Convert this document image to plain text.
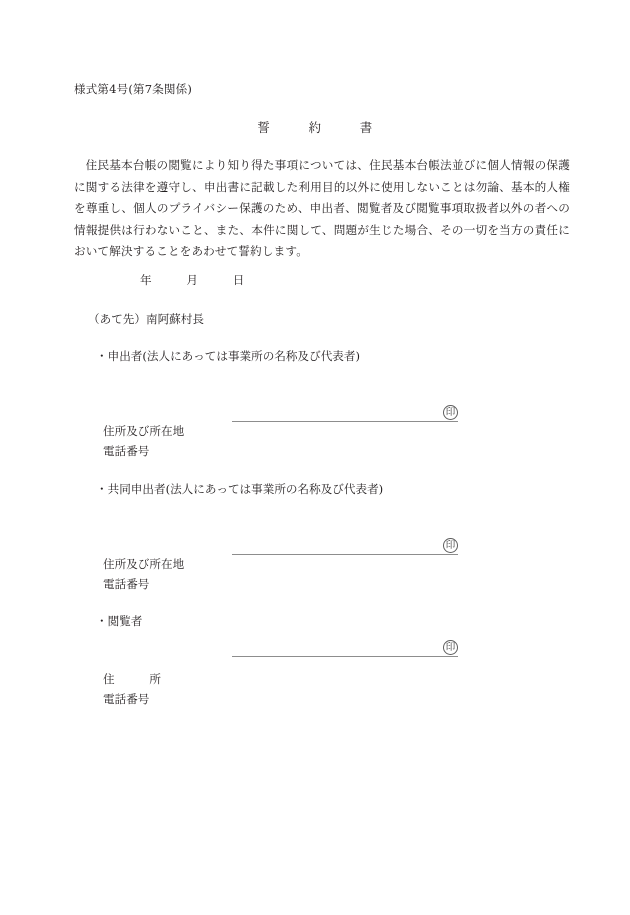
様式第4号(第7条関係)
誓　　　約　　　書
住民基本台帳の閲覧により知り得た事項については、住民基本台帳法並びに個人情報の保護に関する法律を遵守し、申出書に記載した利用目的以外に使用しないことは勿論、基本的人権を尊重し、個人のプライバシー保護のため、申出者、閲覧者及び閲覧事項取扱者以外の者への情報提供は行わないこと、また、本件に関して、問題が生じた場合、その一切を当方の責任において解決することをあわせて誓約します。
年　　　月　　　日
（あて先）南阿蘇村長
・申出者(法人にあっては事業所の名称及び代表者)
印
住所及び所在地
電話番号
・共同申出者(法人にあっては事業所の名称及び代表者)
印
住所及び所在地
電話番号
・閲覧者
印
住　　　所
電話番号
